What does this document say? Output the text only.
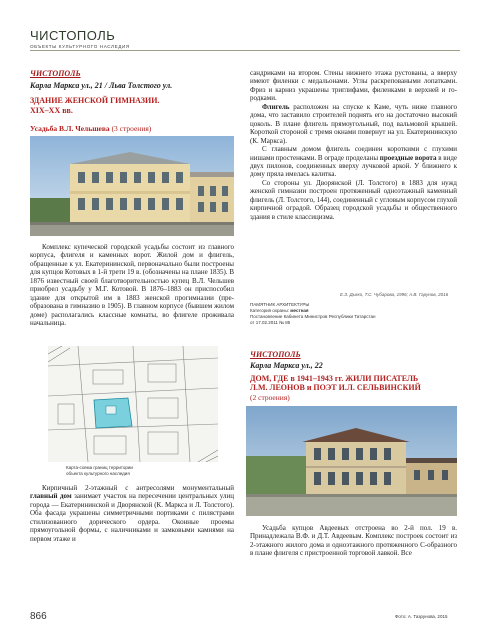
ЧИСТОПОЛЬ
ОБЪЕКТЫ КУЛЬТУРНОГО НАСЛЕДИЯ
ЧИСТОПОЛЬ
Карла Маркса ул., 21 / Льва Толстого ул.
ЗДАНИЕ ЖЕНСКОЙ ГИМНАЗИИ.
XIX–XX вв.
Усадьба В.Л. Чельшева (3 строения)

Комплекс купеческой городской усадьбы состоит из главного корпуса, флигеля и каменных ворот. Жилой дом и флигель, обращенные к ул. Екатерининской, первоначально были построены для купцов Котовых в 1-й трети 19 в. (обозначены на плане 1835). В 1876 известный своей благотворительностью купец В.Л. Чельшев приобрел усадьбу у М.Г. Котовой. В 1876–1883 он приспособил здание для открытой им в 1883 женской прогимназии (преобразована в гимназию в 1905). В главном корпусе (бывшем жилом доме) располагались классные комнаты, во флигеле проживала начальница.

Карта-схема границ территории
объекта культурного наследия

Кирпичный 2-этажный с антресолями монументальный главный дом занимает участок на пересечении центральных улиц города — Екатерининской и Дворянской (К. Маркса и Л. Толстого). Оба фасада украшены симметричными портиками с пилястрами стилизованного дорического ордера. Оконные проемы прямоугольной формы, с наличниками и замковыми камнями на первом этаже и

сандриками на втором. Стены нижнего этажа рустованы, а вверху имеют филенки с медальонами. Углы раскреповаными лопатками. Фриз и карниз украшены триглифами, филенками в верхней и городками.

Флигель расположен на спуске к Каме, чуть ниже главного дома, что заставило строителей поднять его на достаточно высокий цоколь. В плане флигель прямоугольный, под вальмовой крышей. Короткой стороной с тремя окнами повернут на ул. Екатерининскую (К. Маркса).

С главным домом флигель соединен короткими с глухими нишами простенками. В ограде проделаны проездные ворота в виде двух пилонов, соединенных вверху лучковой аркой. У ближнего к дому пряла имелась калитка.

Со стороны ул. Дворянской (Л. Толстого) в 1883 для нужд женской гимназии построен протяженный одноэтажный каменный флигель (Л. Толстого, 144), соединенный с угловым корпусом глухой кирпичной оградой. Образец городской усадьбы и общественного здания в стиле классицизма.

Е.З. Дьяко, Т.С. Чубарова, 1996; А.В. Гарунов, 2016
ПАМЯТНИК АРХИТЕКТУРЫ
Категория охраны: местная
Постановление Кабинета Министров Республики Татарстан
от 17.02.2011 № 85
ЧИСТОПОЛЬ
Карла Маркса ул., 22
ДОМ, ГДЕ в 1941–1943 гг. ЖИЛИ ПИСАТЕЛЬ
Л.М. ЛЕОНОВ и ПОЭТ И.Л. СЕЛЬВИНСКИЙ
(2 строения)

Усадьба купцов Авдеевых отстроена во 2-й пол. 19 в. Принадлежала В.Ф. и Д.Т. Авдеевым. Комплекс построек состоит из 2-этажного жилого дома и одноэтажного протяженного С-образного в плане флигеля с пристроенной торговой лавкой. Все

866	Фото: А. Тазрунова, 2015
